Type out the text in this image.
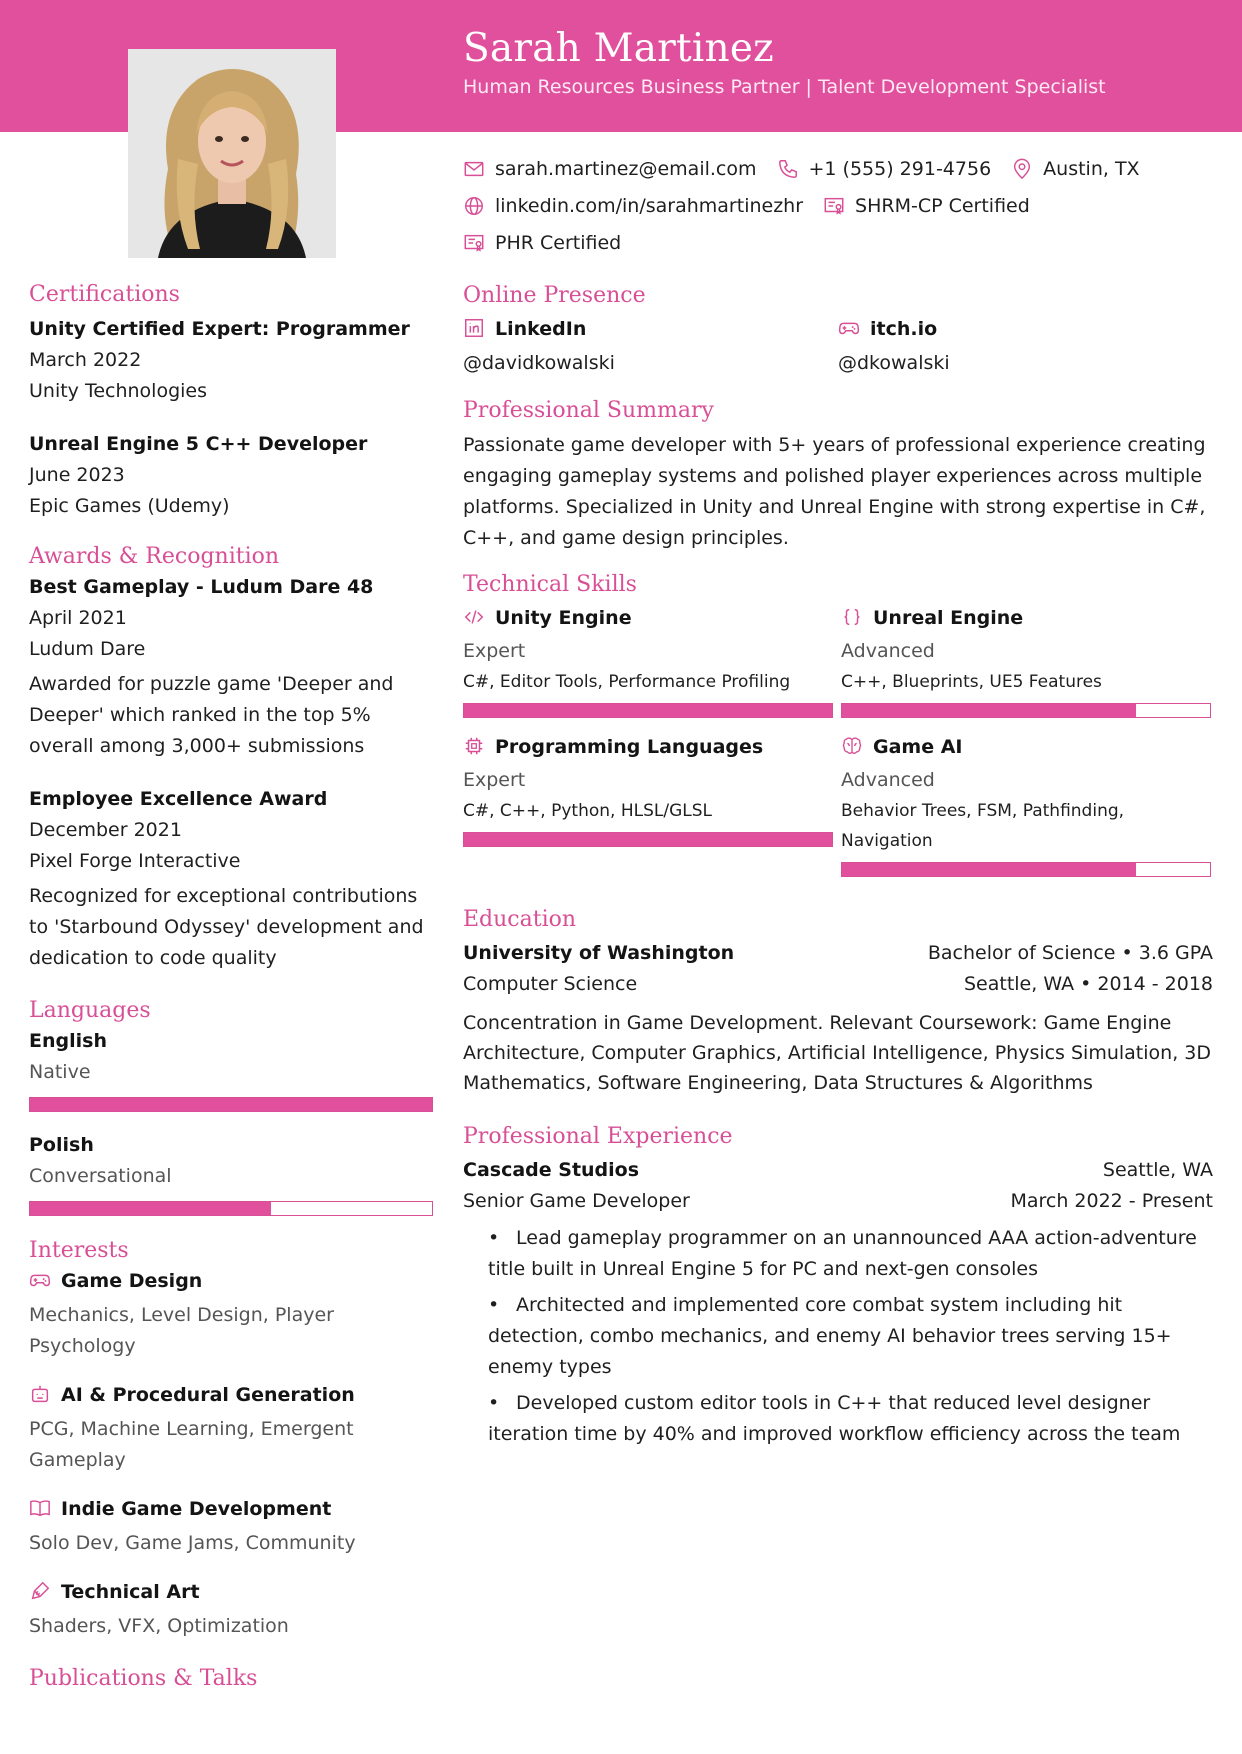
Sarah Martinez
Human Resources Business Partner | Talent Development Specialist
sarah.martinez@email.com	+1 (555) 291-4756	Austin, TX
linkedin.com/in/sarahmartinezhr	SHRM-CP Certified
PHR Certified
Online Presence
LinkedIn
@davidkowalski
itch.io
@dkowalski
Professional Summary
Passionate game developer with 5+ years of professional experience creating engaging gameplay systems and polished player experiences across multiple platforms. Specialized in Unity and Unreal Engine with strong expertise in C#, C++, and game design principles.
Technical Skills
Unity Engine
Expert
C#, Editor Tools, Performance Profiling
Unreal Engine
Advanced
C++, Blueprints, UE5 Features
Programming Languages
Expert
C#, C++, Python, HLSL/GLSL
Game AI
Advanced
Behavior Trees, FSM, Pathfinding, Navigation
Education
University of Washington	Bachelor of Science • 3.6 GPA
Computer Science	Seattle, WA • 2014 - 2018
Concentration in Game Development. Relevant Coursework: Game Engine Architecture, Computer Graphics, Artificial Intelligence, Physics Simulation, 3D Mathematics, Software Engineering, Data Structures & Algorithms
Professional Experience
Cascade Studios	Seattle, WA
Senior Game Developer	March 2022 - Present
• Lead gameplay programmer on an unannounced AAA action-adventure title built in Unreal Engine 5 for PC and next-gen consoles
• Architected and implemented core combat system including hit detection, combo mechanics, and enemy AI behavior trees serving 15+ enemy types
• Developed custom editor tools in C++ that reduced level designer iteration time by 40% and improved workflow efficiency across the team
Certifications
Unity Certified Expert: Programmer
March 2022
Unity Technologies
Unreal Engine 5 C++ Developer
June 2023
Epic Games (Udemy)
Awards & Recognition
Best Gameplay - Ludum Dare 48
April 2021
Ludum Dare
Awarded for puzzle game 'Deeper and Deeper' which ranked in the top 5% overall among 3,000+ submissions
Employee Excellence Award
December 2021
Pixel Forge Interactive
Recognized for exceptional contributions to 'Starbound Odyssey' development and dedication to code quality
Languages
English
Native
Polish
Conversational
Interests
Game Design
Mechanics, Level Design, Player Psychology
AI & Procedural Generation
PCG, Machine Learning, Emergent Gameplay
Indie Game Development
Solo Dev, Game Jams, Community
Technical Art
Shaders, VFX, Optimization
Publications & Talks
